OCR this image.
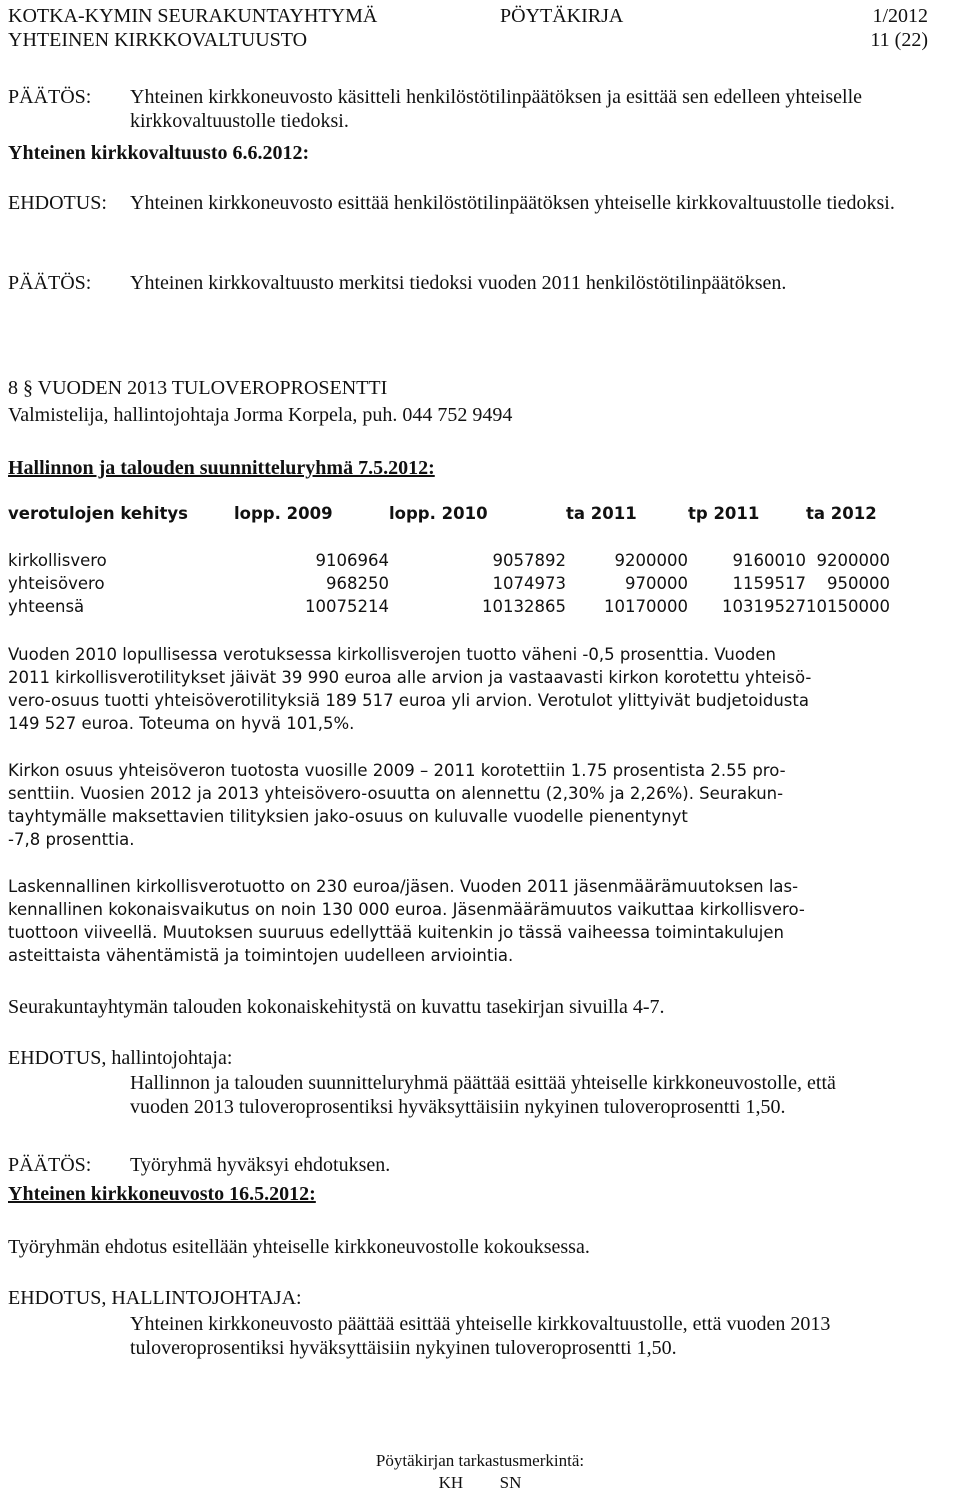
KOTKA-KYMIN SEURAKUNTAYHTYMÄ	PÖYTÄKIRJA	1/2012
YHTEINEN KIRKKOVALTUUSTO	11 (22)
PÄÄTÖS: Yhteinen kirkkoneuvosto käsitteli henkilöstötilinpäätöksen ja esittää sen edelleen yhteiselle kirkkovaltuustolle tiedoksi.
Yhteinen kirkkovaltuusto 6.6.2012:
EHDOTUS: Yhteinen kirkkoneuvosto esittää henkilöstötilinpäätöksen yhteiselle kirkkovaltuustolle tiedoksi.
PÄÄTÖS: Yhteinen kirkkovaltuusto merkitsi tiedoksi vuoden 2011 henkilöstötilinpäätöksen.
8 § VUODEN 2013 TULOVEROPROSENTTI
Valmistelija, hallintojohtaja Jorma Korpela, puh. 044 752 9494
Hallinnon ja talouden suunnitteluryhmä 7.5.2012:
verotulojen kehitys	lopp. 2009	lopp. 2010	ta 2011	tp 2011	ta 2012

kirkollisvero	9106964	9057892	9200000	9160010	9200000
yhteisövero	968250	1074973	970000	1159517	950000
yhteensä	10075214	10132865	10170000	10319527	10150000
Vuoden 2010 lopullisessa verotuksessa kirkollisverojen tuotto väheni -0,5 prosenttia. Vuoden
2011 kirkollisverotilitykset jäivät 39 990 euroa alle arvion ja vastaavasti kirkon korotettu yhteisö-
vero-osuus tuotti yhteisöverotilityksiä 189 517 euroa yli arvion. Verotulot ylittyivät budjetoidusta
149 527 euroa. Toteuma on hyvä 101,5%.
Kirkon osuus yhteisöveron tuotosta vuosille 2009 – 2011 korotettiin 1.75 prosentista 2.55 pro-
senttiin. Vuosien 2012 ja 2013 yhteisövero-osuutta on alennettu (2,30% ja 2,26%). Seurakun-
tayhtymälle maksettavien tilityksien jako-osuus on kuluvalle vuodelle pienentynyt
-7,8 prosenttia.
Laskennallinen kirkollisverotuotto on 230 euroa/jäsen. Vuoden 2011 jäsenmäärämuutoksen las-
kennallinen kokonaisvaikutus on noin 130 000 euroa. Jäsenmäärämuutos vaikuttaa kirkollisvero-
tuottoon viiveellä. Muutoksen suuruus edellyttää kuitenkin jo tässä vaiheessa toimintakulujen
asteittaista vähentämistä ja toimintojen uudelleen arviointia.
Seurakuntayhtymän talouden kokonaiskehitystä on kuvattu tasekirjan sivuilla 4-7.
EHDOTUS, hallintojohtaja:
Hallinnon ja talouden suunnitteluryhmä päättää esittää yhteiselle kirkkoneuvostolle, että
vuoden 2013 tuloveroprosentiksi hyväksyttäisiin nykyinen tuloveroprosentti 1,50.
PÄÄTÖS: Työryhmä hyväksyi ehdotuksen.
Yhteinen kirkkoneuvosto 16.5.2012:
Työryhmän ehdotus esitellään yhteiselle kirkkoneuvostolle kokouksessa.
EHDOTUS, HALLINTOJOHTAJA:
Yhteinen kirkkoneuvosto päättää esittää yhteiselle kirkkovaltuustolle, että vuoden 2013
tuloveroprosentiksi hyväksyttäisiin nykyinen tuloveroprosentti 1,50.
Pöytäkirjan tarkastusmerkintä:
KH SN
